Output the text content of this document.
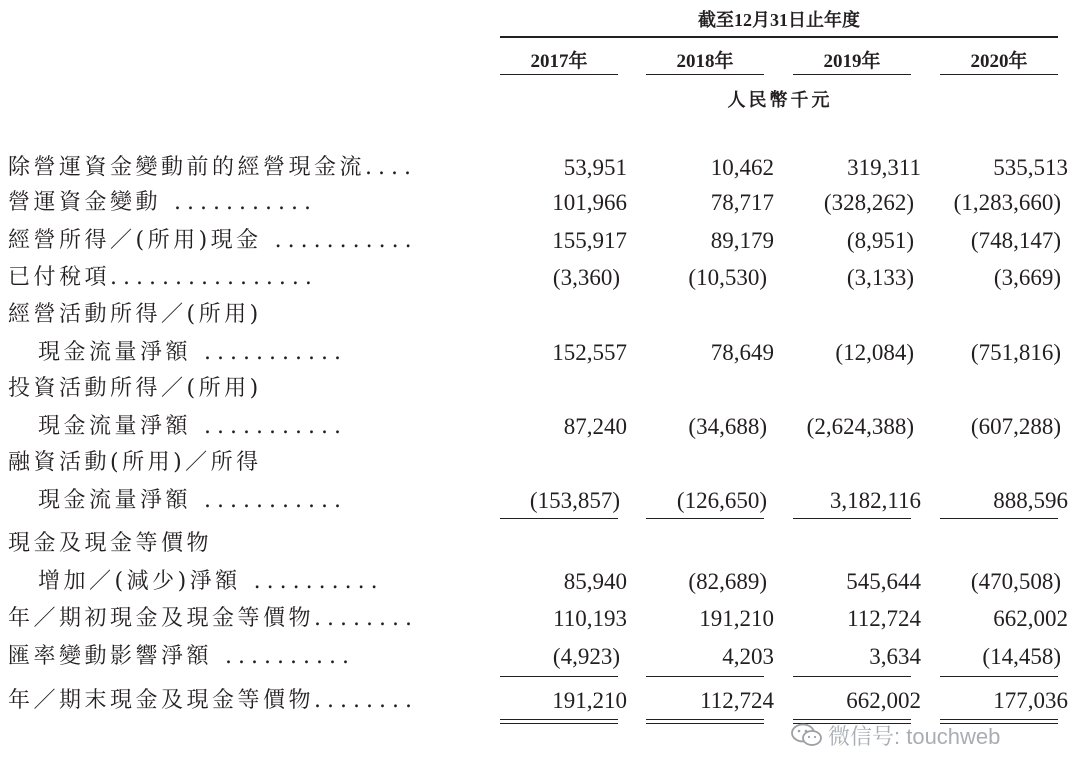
截至12月31日止年度
2017年	2018年	2019年	2020年
人民幣千元
除營運資金變動前的經營現金流....	53,951	10,462	319,311	535,513
營運資金變動 ...........	101,966	78,717	(328,262)	(1,283,660)
經營所得／(所用)現金 ...........	155,917	89,179	(8,951)	(748,147)
已付稅項................	(3,360)	(10,530)	(3,133)	(3,669)
經營活動所得／(所用)
現金流量淨額 ...........	152,557	78,649	(12,084)	(751,816)
投資活動所得／(所用)
現金流量淨額 ...........	87,240	(34,688)	(2,624,388)	(607,288)
融資活動(所用)／所得
現金流量淨額 ...........	(153,857)	(126,650)	3,182,116	888,596
現金及現金等價物
增加／(減少)淨額 ..........	85,940	(82,689)	545,644	(470,508)
年／期初現金及現金等價物........	110,193	191,210	112,724	662,002
匯率變動影響淨額 ..........	(4,923)	4,203	3,634	(14,458)
年／期末現金及現金等價物........	191,210	112,724	662,002	177,036
微信号: touchweb
